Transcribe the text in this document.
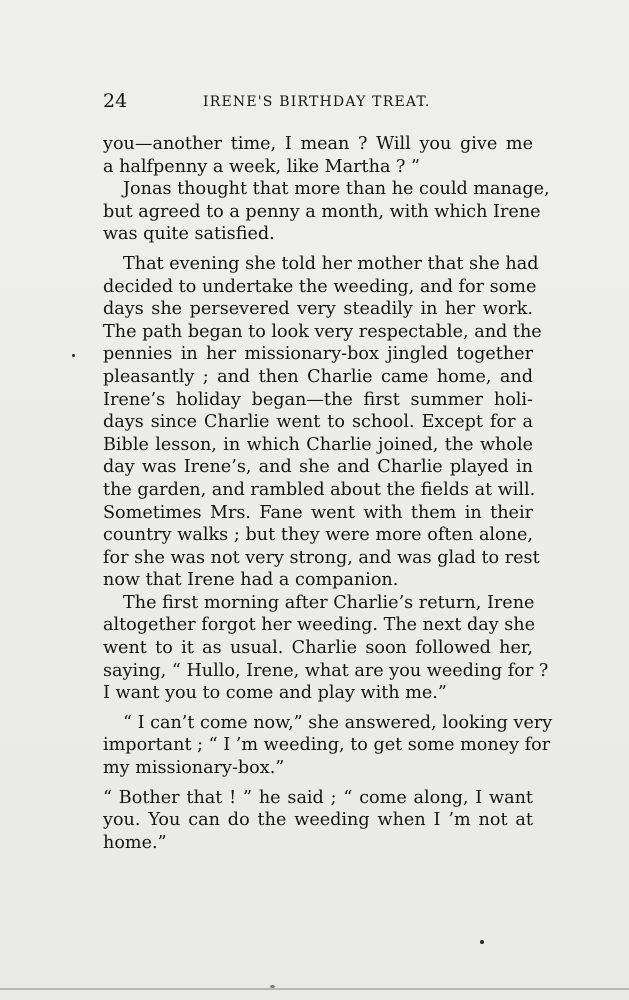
24	IRENE'S BIRTHDAY TREAT.

you—another time, I mean ? Will you give me
a halfpenny a week, like Martha ? ”

Jonas thought that more than he could manage,
but agreed to a penny a month, with which Irene
was quite satisfied.

That evening she told her mother that she had
decided to undertake the weeding, and for some
days she persevered very steadily in her work.
The path began to look very respectable, and the
pennies in her missionary-box jingled together
pleasantly ; and then Charlie came home, and
Irene’s holiday began—the first summer holi-
days since Charlie went to school. Except for a
Bible lesson, in which Charlie joined, the whole
day was Irene’s, and she and Charlie played in
the garden, and rambled about the fields at will.
Sometimes Mrs. Fane went with them in their
country walks ; but they were more often alone,
for she was not very strong, and was glad to rest
now that Irene had a companion.

The first morning after Charlie’s return, Irene
altogether forgot her weeding. The next day she
went to it as usual. Charlie soon followed her,
saying, “ Hullo, Irene, what are you weeding for ?
I want you to come and play with me.”

“ I can’t come now,” she answered, looking very
important ; “ I ’m weeding, to get some money for
my missionary-box.”

“ Bother that ! ” he said ; “ come along, I want
you. You can do the weeding when I ’m not at
home.”
